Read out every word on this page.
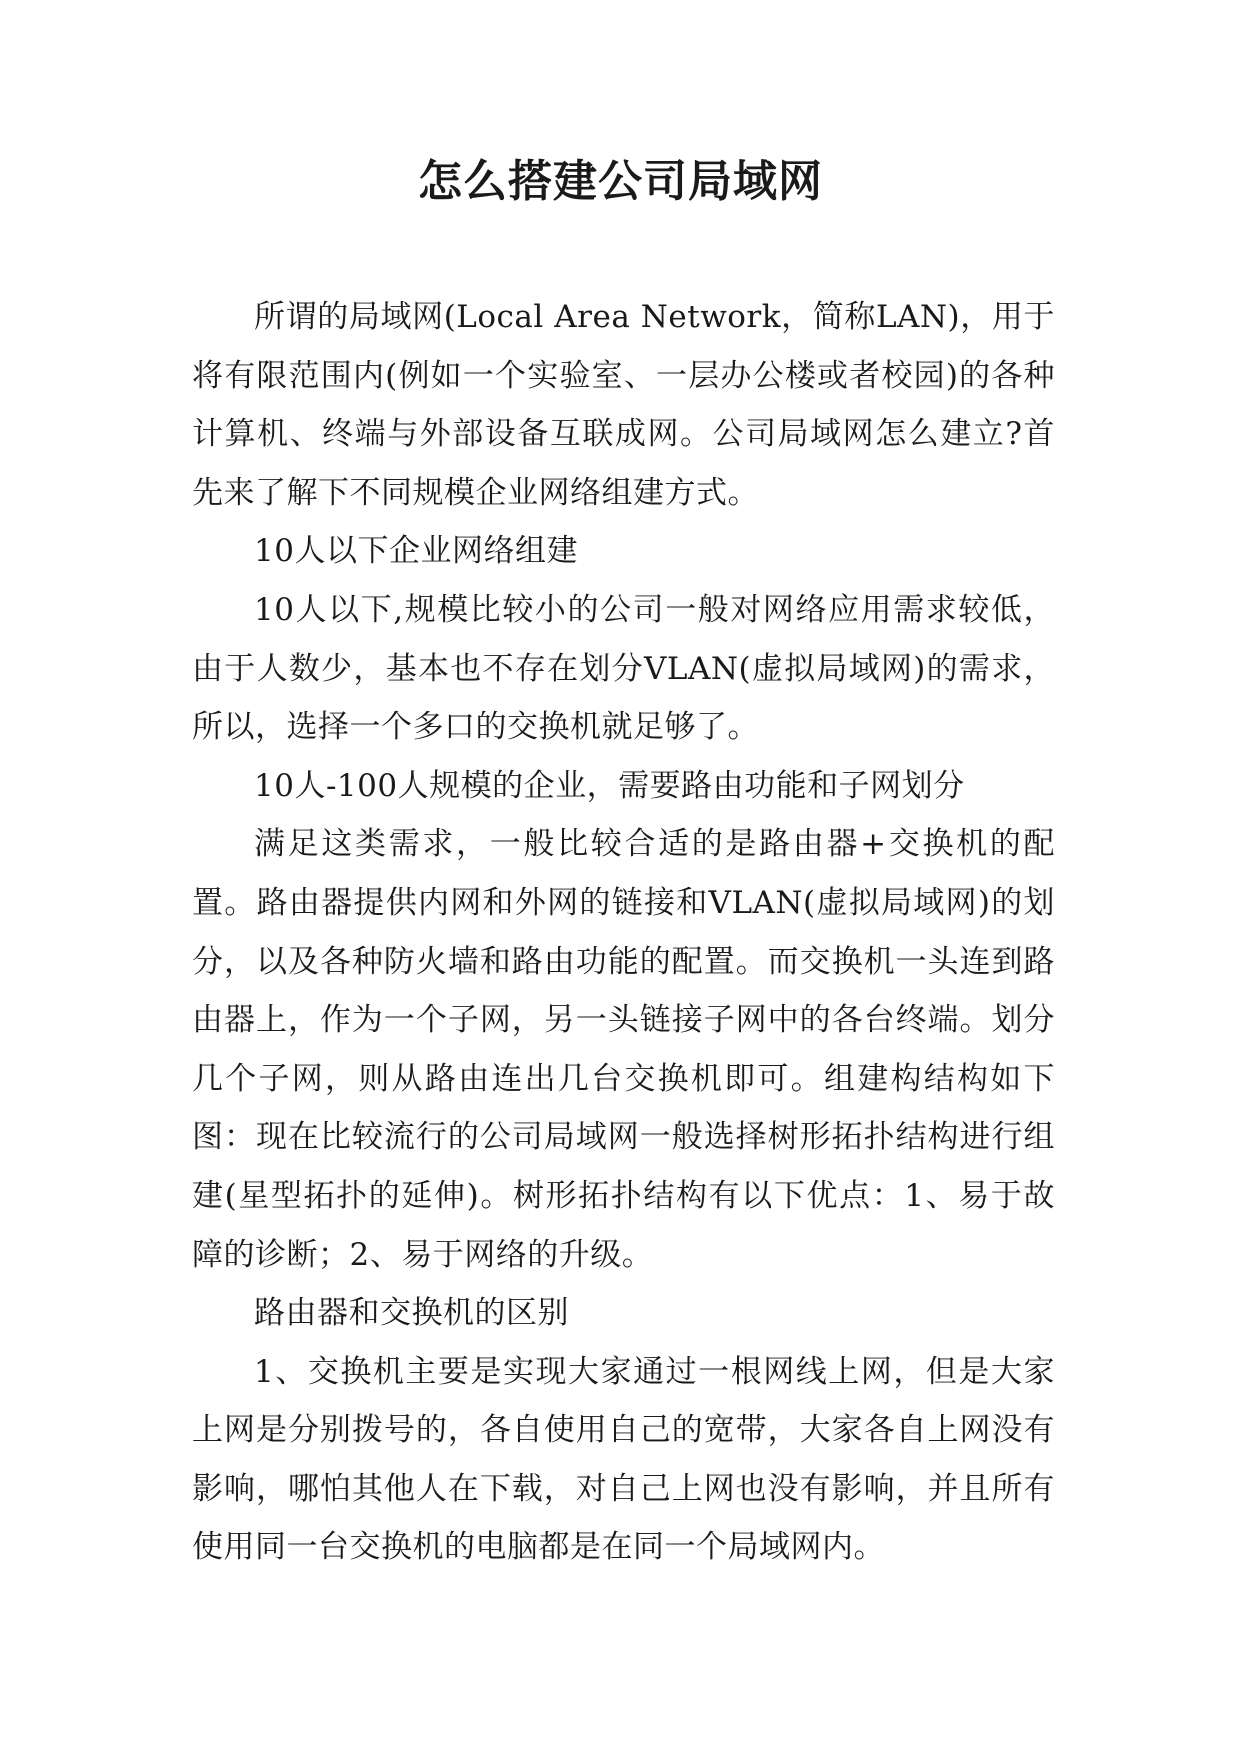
怎么搭建公司局域网

所谓的局域网(Local Area Network，简称LAN)，用于将有限范围内(例如一个实验室、一层办公楼或者校园)的各种计算机、终端与外部设备互联成网。公司局域网怎么建立?首先来了解下不同规模企业网络组建方式。

10人以下企业网络组建

10人以下,规模比较小的公司一般对网络应用需求较低，由于人数少，基本也不存在划分VLAN(虚拟局域网)的需求，所以，选择一个多口的交换机就足够了。

10人-100人规模的企业，需要路由功能和子网划分

满足这类需求，一般比较合适的是路由器+交换机的配置。路由器提供内网和外网的链接和VLAN(虚拟局域网)的划分，以及各种防火墙和路由功能的配置。而交换机一头连到路由器上，作为一个子网，另一头链接子网中的各台终端。划分几个子网，则从路由连出几台交换机即可。组建构结构如下图：现在比较流行的公司局域网一般选择树形拓扑结构进行组建(星型拓扑的延伸)。树形拓扑结构有以下优点：1、易于故障的诊断；2、易于网络的升级。

路由器和交换机的区别

1、交换机主要是实现大家通过一根网线上网，但是大家上网是分别拨号的，各自使用自己的宽带，大家各自上网没有影响，哪怕其他人在下载，对自己上网也没有影响，并且所有使用同一台交换机的电脑都是在同一个局域网内。
